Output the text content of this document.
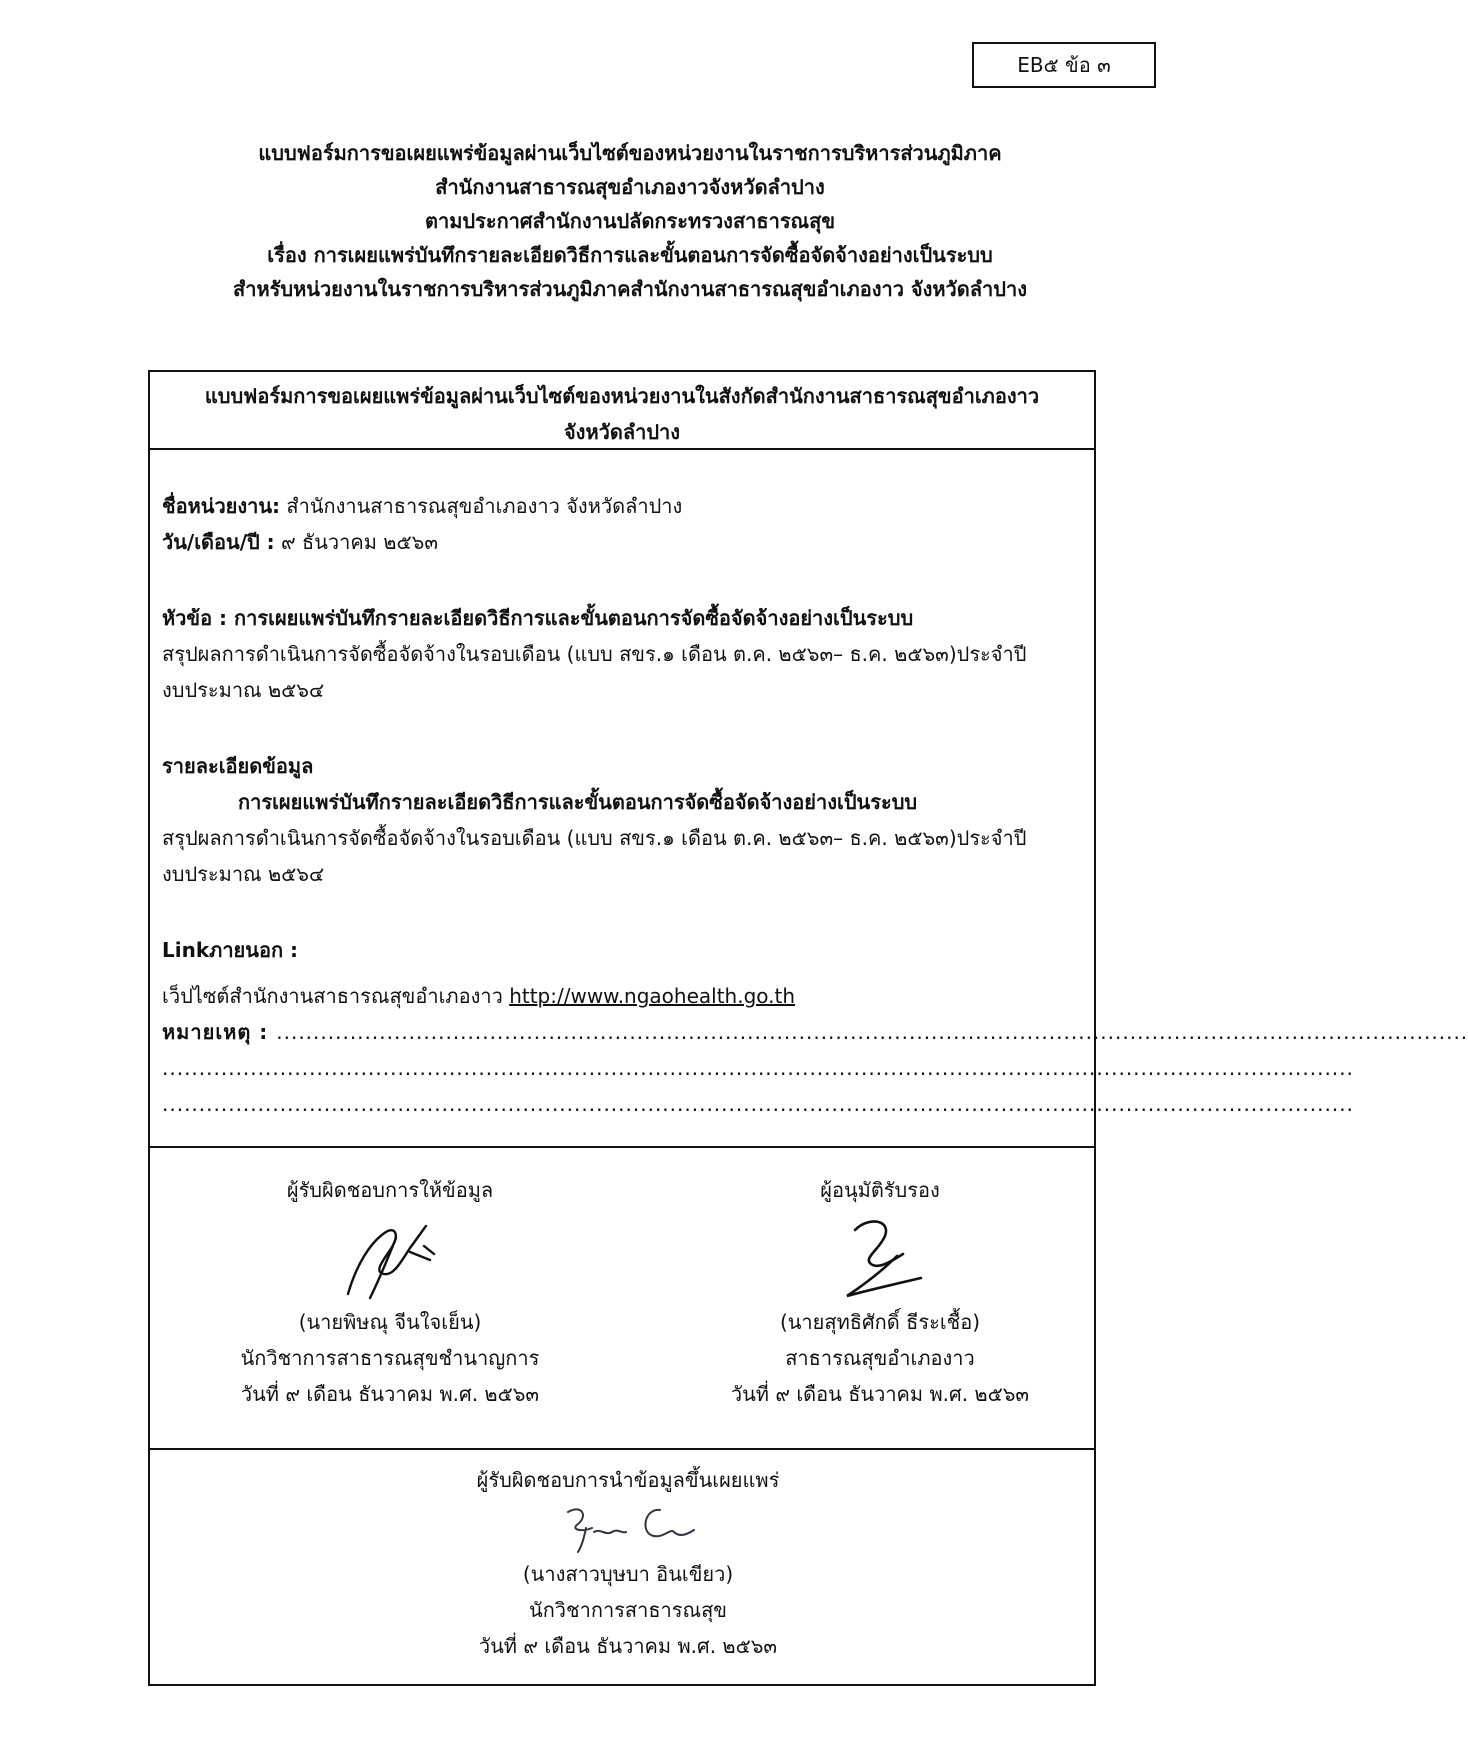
EB๕ ข้อ ๓
แบบฟอร์มการขอเผยแพร่ข้อมูลผ่านเว็บไซต์ของหน่วยงานในราชการบริหารส่วนภูมิภาค
สำนักงานสาธารณสุขอำเภองาวจังหวัดลำปาง
ตามประกาศสำนักงานปลัดกระทรวงสาธารณสุข
เรื่อง การเผยแพร่บันทึกรายละเอียดวิธีการและขั้นตอนการจัดซื้อจัดจ้างอย่างเป็นระบบ
สำหรับหน่วยงานในราชการบริหารส่วนภูมิภาคสำนักงานสาธารณสุขอำเภองาว จังหวัดลำปาง
แบบฟอร์มการขอเผยแพร่ข้อมูลผ่านเว็บไซต์ของหน่วยงานในสังกัดสำนักงานสาธารณสุขอำเภองาว
จังหวัดลำปาง
ชื่อหน่วยงาน: สำนักงานสาธารณสุขอำเภองาว จังหวัดลำปาง
วัน/เดือน/ปี : ๙ ธันวาคม ๒๕๖๓
หัวข้อ : การเผยแพร่บันทึกรายละเอียดวิธีการและขั้นตอนการจัดซื้อจัดจ้างอย่างเป็นระบบ
สรุปผลการดำเนินการจัดซื้อจัดจ้างในรอบเดือน (แบบ สขร.๑ เดือน ต.ค. ๒๕๖๓– ธ.ค. ๒๕๖๓)ประจำปี
งบประมาณ ๒๕๖๔
รายละเอียดข้อมูล
การเผยแพร่บันทึกรายละเอียดวิธีการและขั้นตอนการจัดซื้อจัดจ้างอย่างเป็นระบบ
สรุปผลการดำเนินการจัดซื้อจัดจ้างในรอบเดือน (แบบ สขร.๑ เดือน ต.ค. ๒๕๖๓– ธ.ค. ๒๕๖๓)ประจำปี
งบประมาณ ๒๕๖๔
Linkภายนอก :
เว็ปไซต์สำนักงานสาธารณสุขอำเภองาว http://www.ngaohealth.go.th
หมายเหตุ : ..................................................................................................................................................................
..................................................................................................................................................................
..................................................................................................................................................................
ผู้รับผิดชอบการให้ข้อมูล
(นายพิษณุ จีนใจเย็น)
นักวิชาการสาธารณสุขชำนาญการ
วันที่ ๙ เดือน ธันวาคม พ.ศ. ๒๕๖๓
ผู้อนุมัติรับรอง
(นายสุทธิศักดิ์ ธีระเชื้อ)
สาธารณสุขอำเภองาว
วันที่ ๙ เดือน ธันวาคม พ.ศ. ๒๕๖๓
ผู้รับผิดชอบการนำข้อมูลขึ้นเผยแพร่
(นางสาวบุษบา อินเขียว)
นักวิชาการสาธารณสุข
วันที่ ๙ เดือน ธันวาคม พ.ศ. ๒๕๖๓
